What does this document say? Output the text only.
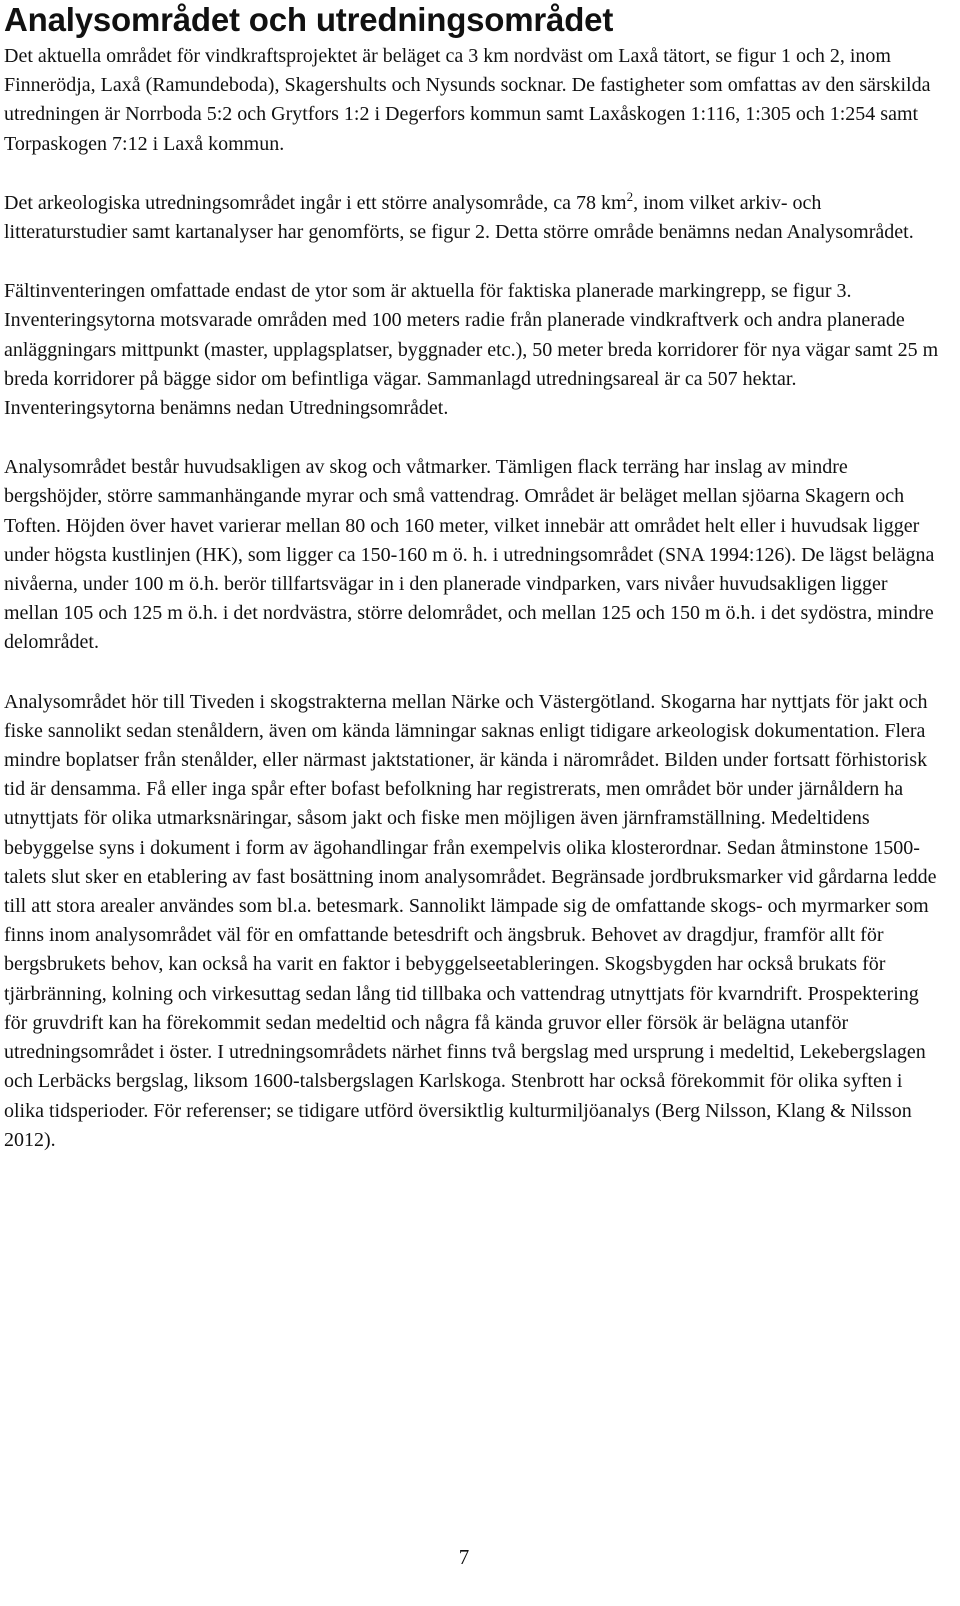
Analysområdet och utredningsområdet

Det aktuella området för vindkraftsprojektet är beläget ca 3 km nordväst om Laxå tätort, se figur 1 och 2, inom Finnerödja, Laxå (Ramundeboda), Skagershults och Nysunds socknar. De fastigheter som omfattas av den särskilda utredningen är Norrboda 5:2 och Grytfors 1:2 i Degerfors kommun samt Laxåskogen 1:116, 1:305 och 1:254 samt Torpaskogen 7:12 i Laxå kommun.

Det arkeologiska utredningsområdet ingår i ett större analysområde, ca 78 $km^2$, inom vilket arkiv- och litteraturstudier samt kartanalyser har genomförts, se figur 2. Detta större område benämns nedan Analysområdet.

Fältinventeringen omfattade endast de ytor som är aktuella för faktiska planerade markingrepp, se figur 3. Inventeringsytorna motsvarade områden med 100 meters radie från planerade vindkraftverk och andra planerade anläggningars mittpunkt (master, upplagsplatser, byggnader etc.), 50 meter breda korridorer för nya vägar samt 25 m breda korridorer på bägge sidor om befintliga vägar. Sammanlagd utredningsareal är ca 507 hektar. Inventeringsytorna benämns nedan Utredningsområdet.

Analysområdet består huvudsakligen av skog och våtmarker. Tämligen flack terräng har inslag av mindre bergshöjder, större sammanhängande myrar och små vattendrag. Området är beläget mellan sjöarna Skagern och Toften. Höjden över havet varierar mellan 80 och 160 meter, vilket innebär att området helt eller i huvudsak ligger under högsta kustlinjen (HK), som ligger ca 150-160 m ö. h. i utredningsområdet (SNA 1994:126). De lägst belägna nivåerna, under 100 m ö.h. berör tillfartsvägar in i den planerade vindparken, vars nivåer huvudsakligen ligger mellan 105 och 125 m ö.h. i det nordvästra, större delområdet, och mellan 125 och 150 m ö.h. i det sydöstra, mindre delområdet.

Analysområdet hör till Tiveden i skogstrakterna mellan Närke och Västergötland. Skogarna har nyttjats för jakt och fiske sannolikt sedan stenåldern, även om kända lämningar saknas enligt tidigare arkeologisk dokumentation. Flera mindre boplatser från stenålder, eller närmast jaktstationer, är kända i närområdet. Bilden under fortsatt förhistorisk tid är densamma. Få eller inga spår efter bofast befolkning har registrerats, men området bör under järnåldern ha utnyttjats för olika utmarksnäringar, såsom jakt och fiske men möjligen även järnframställning. Medeltidens bebyggelse syns i dokument i form av ägohandlingar från exempelvis olika klosterordnar. Sedan åtminstone 1500-talets slut sker en etablering av fast bosättning inom analysområdet. Begränsade jordbruksmarker vid gårdarna ledde till att stora arealer användes som bl.a. betesmark. Sannolikt lämpade sig de omfattande skogs- och myrmarker som finns inom analysområdet väl för en omfattande betesdrift och ängsbruk. Behovet av dragdjur, framför allt för bergsbrukets behov, kan också ha varit en faktor i bebyggelseetableringen. Skogsbygden har också brukats för tjärbränning, kolning och virkesuttag sedan lång tid tillbaka och vattendrag utnyttjats för kvarndrift. Prospektering för gruvdrift kan ha förekommit sedan medeltid och några få kända gruvor eller försök är belägna utanför utredningsområdet i öster. I utredningsområdets närhet finns två bergslag med ursprung i medeltid, Lekebergslagen och Lerbäcks bergslag, liksom 1600-talsbergslagen Karlskoga. Stenbrott har också förekommit för olika syften i olika tidsperioder. För referenser; se tidigare utförd översiktlig kulturmiljöanalys (Berg Nilsson, Klang & Nilsson 2012).

7
